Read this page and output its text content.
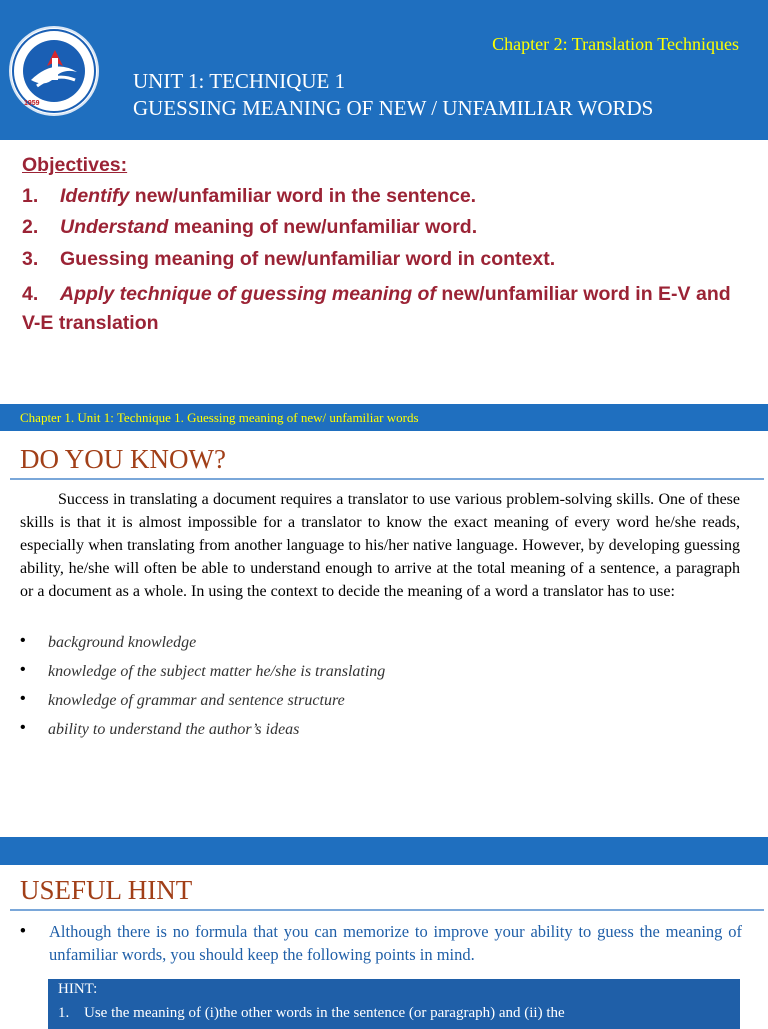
1959
Chapter 2: Translation Techniques
UNIT 1: TECHNIQUE 1
GUESSING MEANING OF NEW / UNFAMILIAR WORDS
Objectives:
1. Identify new/unfamiliar word in the sentence.
2. Understand meaning of new/unfamiliar word.
3. Guessing meaning of new/unfamiliar word in context.
4. Apply technique of guessing meaning of new/unfamiliar word in E-V and V-E translation
Chapter 1. Unit 1: Technique 1. Guessing meaning of new/ unfamiliar words
DO YOU KNOW?
Success in translating a document requires a translator to use various problem-solving skills. One of these skills is that it is almost impossible for a translator to know the exact meaning of every word he/she reads, especially when translating from another language to his/her native language. However, by developing guessing ability, he/she will often be able to understand enough to arrive at the total meaning of a sentence, a paragraph or a document as a whole. In using the context to decide the meaning of a word a translator has to use:
• background knowledge
• knowledge of the subject matter he/she is translating
• knowledge of grammar and sentence structure
• ability to understand the author’s ideas
USEFUL HINT
• Although there is no formula that you can memorize to improve your ability to guess the meaning of unfamiliar words, you should keep the following points in mind.
HINT:
1. Use the meaning of (i)the other words in the sentence (or paragraph) and (ii) the
